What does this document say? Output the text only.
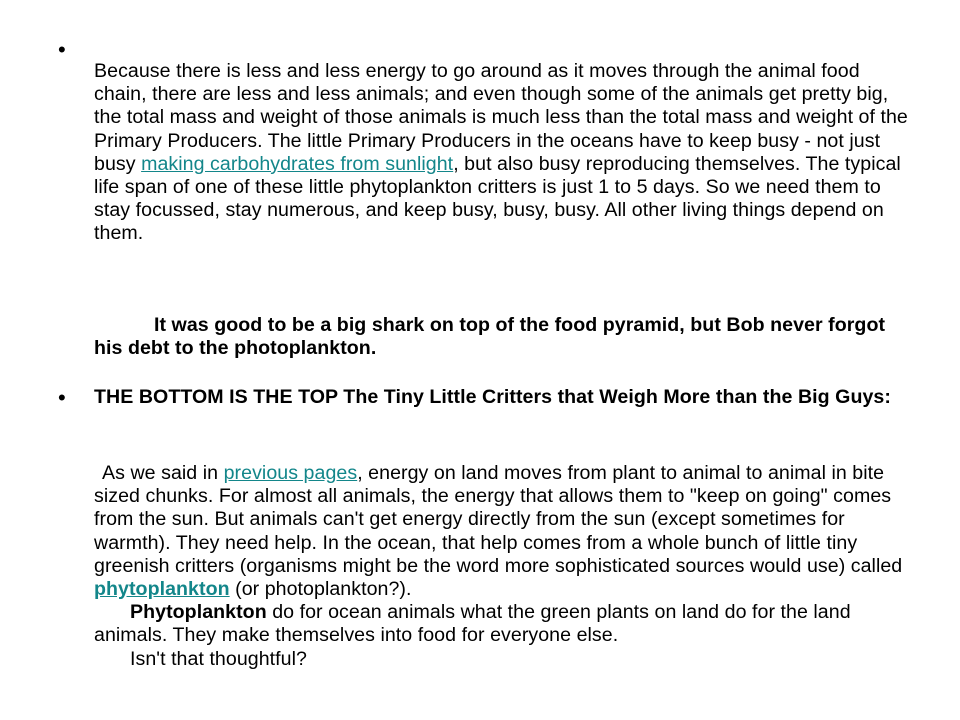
•
Because there is less and less energy to go around as it moves through the animal food chain, there are less and less animals; and even though some of the animals get pretty big, the total mass and weight of those animals is much less than the total mass and weight of the Primary Producers. The little Primary Producers in the oceans have to keep busy - not just busy making carbohydrates from sunlight, but also busy reproducing themselves. The typical life span of one of these little phytoplankton critters is just 1 to 5 days. So we need them to stay focussed, stay numerous, and keep busy, busy, busy. All other living things depend on them.
It was good to be a big shark on top of the food pyramid, but Bob never forgot his debt to the photoplankton.
• THE BOTTOM IS THE TOP The Tiny Little Critters that Weigh More than the Big Guys:
As we said in previous pages, energy on land moves from plant to animal to animal in bite sized chunks. For almost all animals, the energy that allows them to "keep on going" comes from the sun. But animals can't get energy directly from the sun (except sometimes for warmth). They need help. In the ocean, that help comes from a whole bunch of little tiny greenish critters (organisms might be the word more sophisticated sources would use) called phytoplankton (or photoplankton?).
Phytoplankton do for ocean animals what the green plants on land do for the land animals. They make themselves into food for everyone else.
Isn't that thoughtful?
